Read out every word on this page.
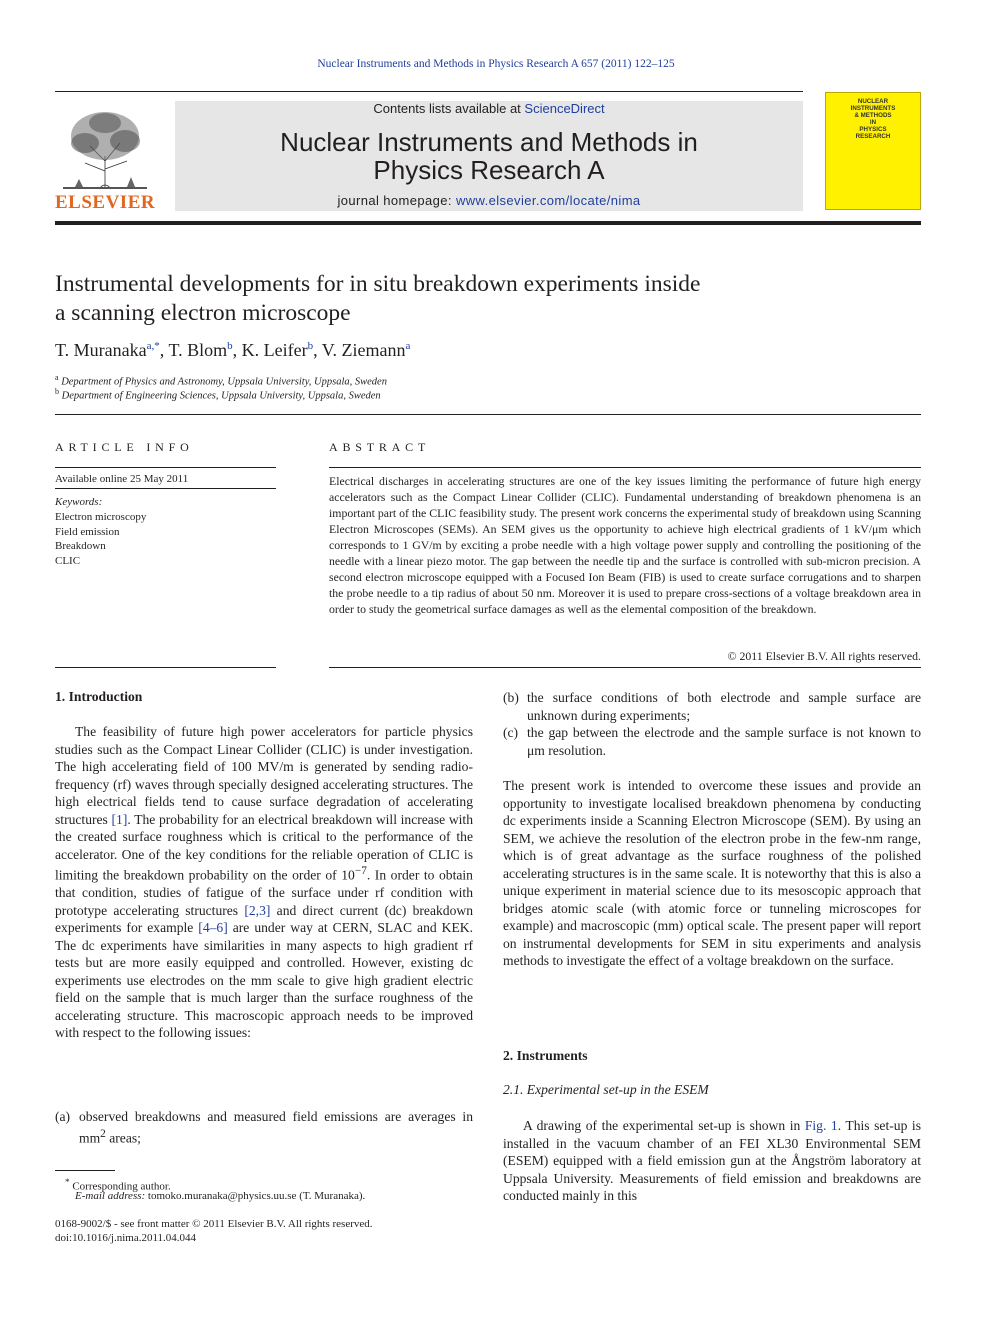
Nuclear Instruments and Methods in Physics Research A 657 (2011) 122–125
ELSEVIER
Contents lists available at ScienceDirect
Nuclear Instruments and Methods in
Physics Research A
journal homepage: www.elsevier.com/locate/nima
NUCLEAR
INSTRUMENTS
& METHODS
IN
PHYSICS
RESEARCH
Instrumental developments for in situ breakdown experiments inside
a scanning electron microscope
T. Muranaka$^{a,*}$, T. Blom$^b$, K. Leifer$^b$, V. Ziemann$^a$
$^a$ Department of Physics and Astronomy, Uppsala University, Uppsala, Sweden
$^b$ Department of Engineering Sciences, Uppsala University, Uppsala, Sweden
ARTICLE INFO
Available online 25 May 2011
Keywords:
Electron microscopy
Field emission
Breakdown
CLIC
ABSTRACT
Electrical discharges in accelerating structures are one of the key issues limiting the performance of future high energy accelerators such as the Compact Linear Collider (CLIC). Fundamental understanding of breakdown phenomena is an important part of the CLIC feasibility study. The present work concerns the experimental study of breakdown using Scanning Electron Microscopes (SEMs). An SEM gives us the opportunity to achieve high electrical gradients of 1 kV/μm which corresponds to 1 GV/m by exciting a probe needle with a high voltage power supply and controlling the positioning of the needle with a linear piezo motor. The gap between the needle tip and the surface is controlled with sub-micron precision. A second electron microscope equipped with a Focused Ion Beam (FIB) is used to create surface corrugations and to sharpen the probe needle to a tip radius of about 50 nm. Moreover it is used to prepare cross-sections of a voltage breakdown area in order to study the geometrical surface damages as well as the elemental composition of the breakdown.
© 2011 Elsevier B.V. All rights reserved.
1. Introduction
The feasibility of future high power accelerators for particle physics studies such as the Compact Linear Collider (CLIC) is under investigation. The high accelerating field of 100 MV/m is generated by sending radio-frequency (rf) waves through specially designed accelerating structures. The high electrical fields tend to cause surface degradation of accelerating structures [1]. The probability for an electrical breakdown will increase with the created surface roughness which is critical to the performance of the accelerator. One of the key conditions for the reliable operation of CLIC is limiting the breakdown probability on the order of $10^{-7}$. In order to obtain that condition, studies of fatigue of the surface under rf condition with prototype accelerating structures [2,3] and direct current (dc) breakdown experiments for example [4–6] are under way at CERN, SLAC and KEK. The dc experiments have similarities in many aspects to high gradient rf tests but are more easily equipped and controlled. However, existing dc experiments use electrodes on the mm scale to give high gradient electric field on the sample that is much larger than the surface roughness of the accelerating structure. This macroscopic approach needs to be improved with respect to the following issues:
(a) observed breakdowns and measured field emissions are averages in $mm^2$ areas;
* Corresponding author.
E-mail address: tomoko.muranaka@physics.uu.se (T. Muranaka).
0168-9002/$ - see front matter © 2011 Elsevier B.V. All rights reserved.
doi:10.1016/j.nima.2011.04.044
(b) the surface conditions of both electrode and sample surface are unknown during experiments;
(c) the gap between the electrode and the sample surface is not known to μm resolution.
The present work is intended to overcome these issues and provide an opportunity to investigate localised breakdown phenomena by conducting dc experiments inside a Scanning Electron Microscope (SEM). By using an SEM, we achieve the resolution of the electron probe in the few-nm range, which is of great advantage as the surface roughness of the polished accelerating structures is in the same scale. It is noteworthy that this is also a unique experiment in material science due to its mesoscopic approach that bridges atomic scale (with atomic force or tunneling microscopes for example) and macroscopic (mm) optical scale. The present paper will report on instrumental developments for SEM in situ experiments and analysis methods to investigate the effect of a voltage breakdown on the surface.
2. Instruments
2.1. Experimental set-up in the ESEM
A drawing of the experimental set-up is shown in Fig. 1. This set-up is installed in the vacuum chamber of an FEI XL30 Environmental SEM (ESEM) equipped with a field emission gun at the Ångström laboratory at Uppsala University. Measurements of field emission and breakdowns are conducted mainly in this
